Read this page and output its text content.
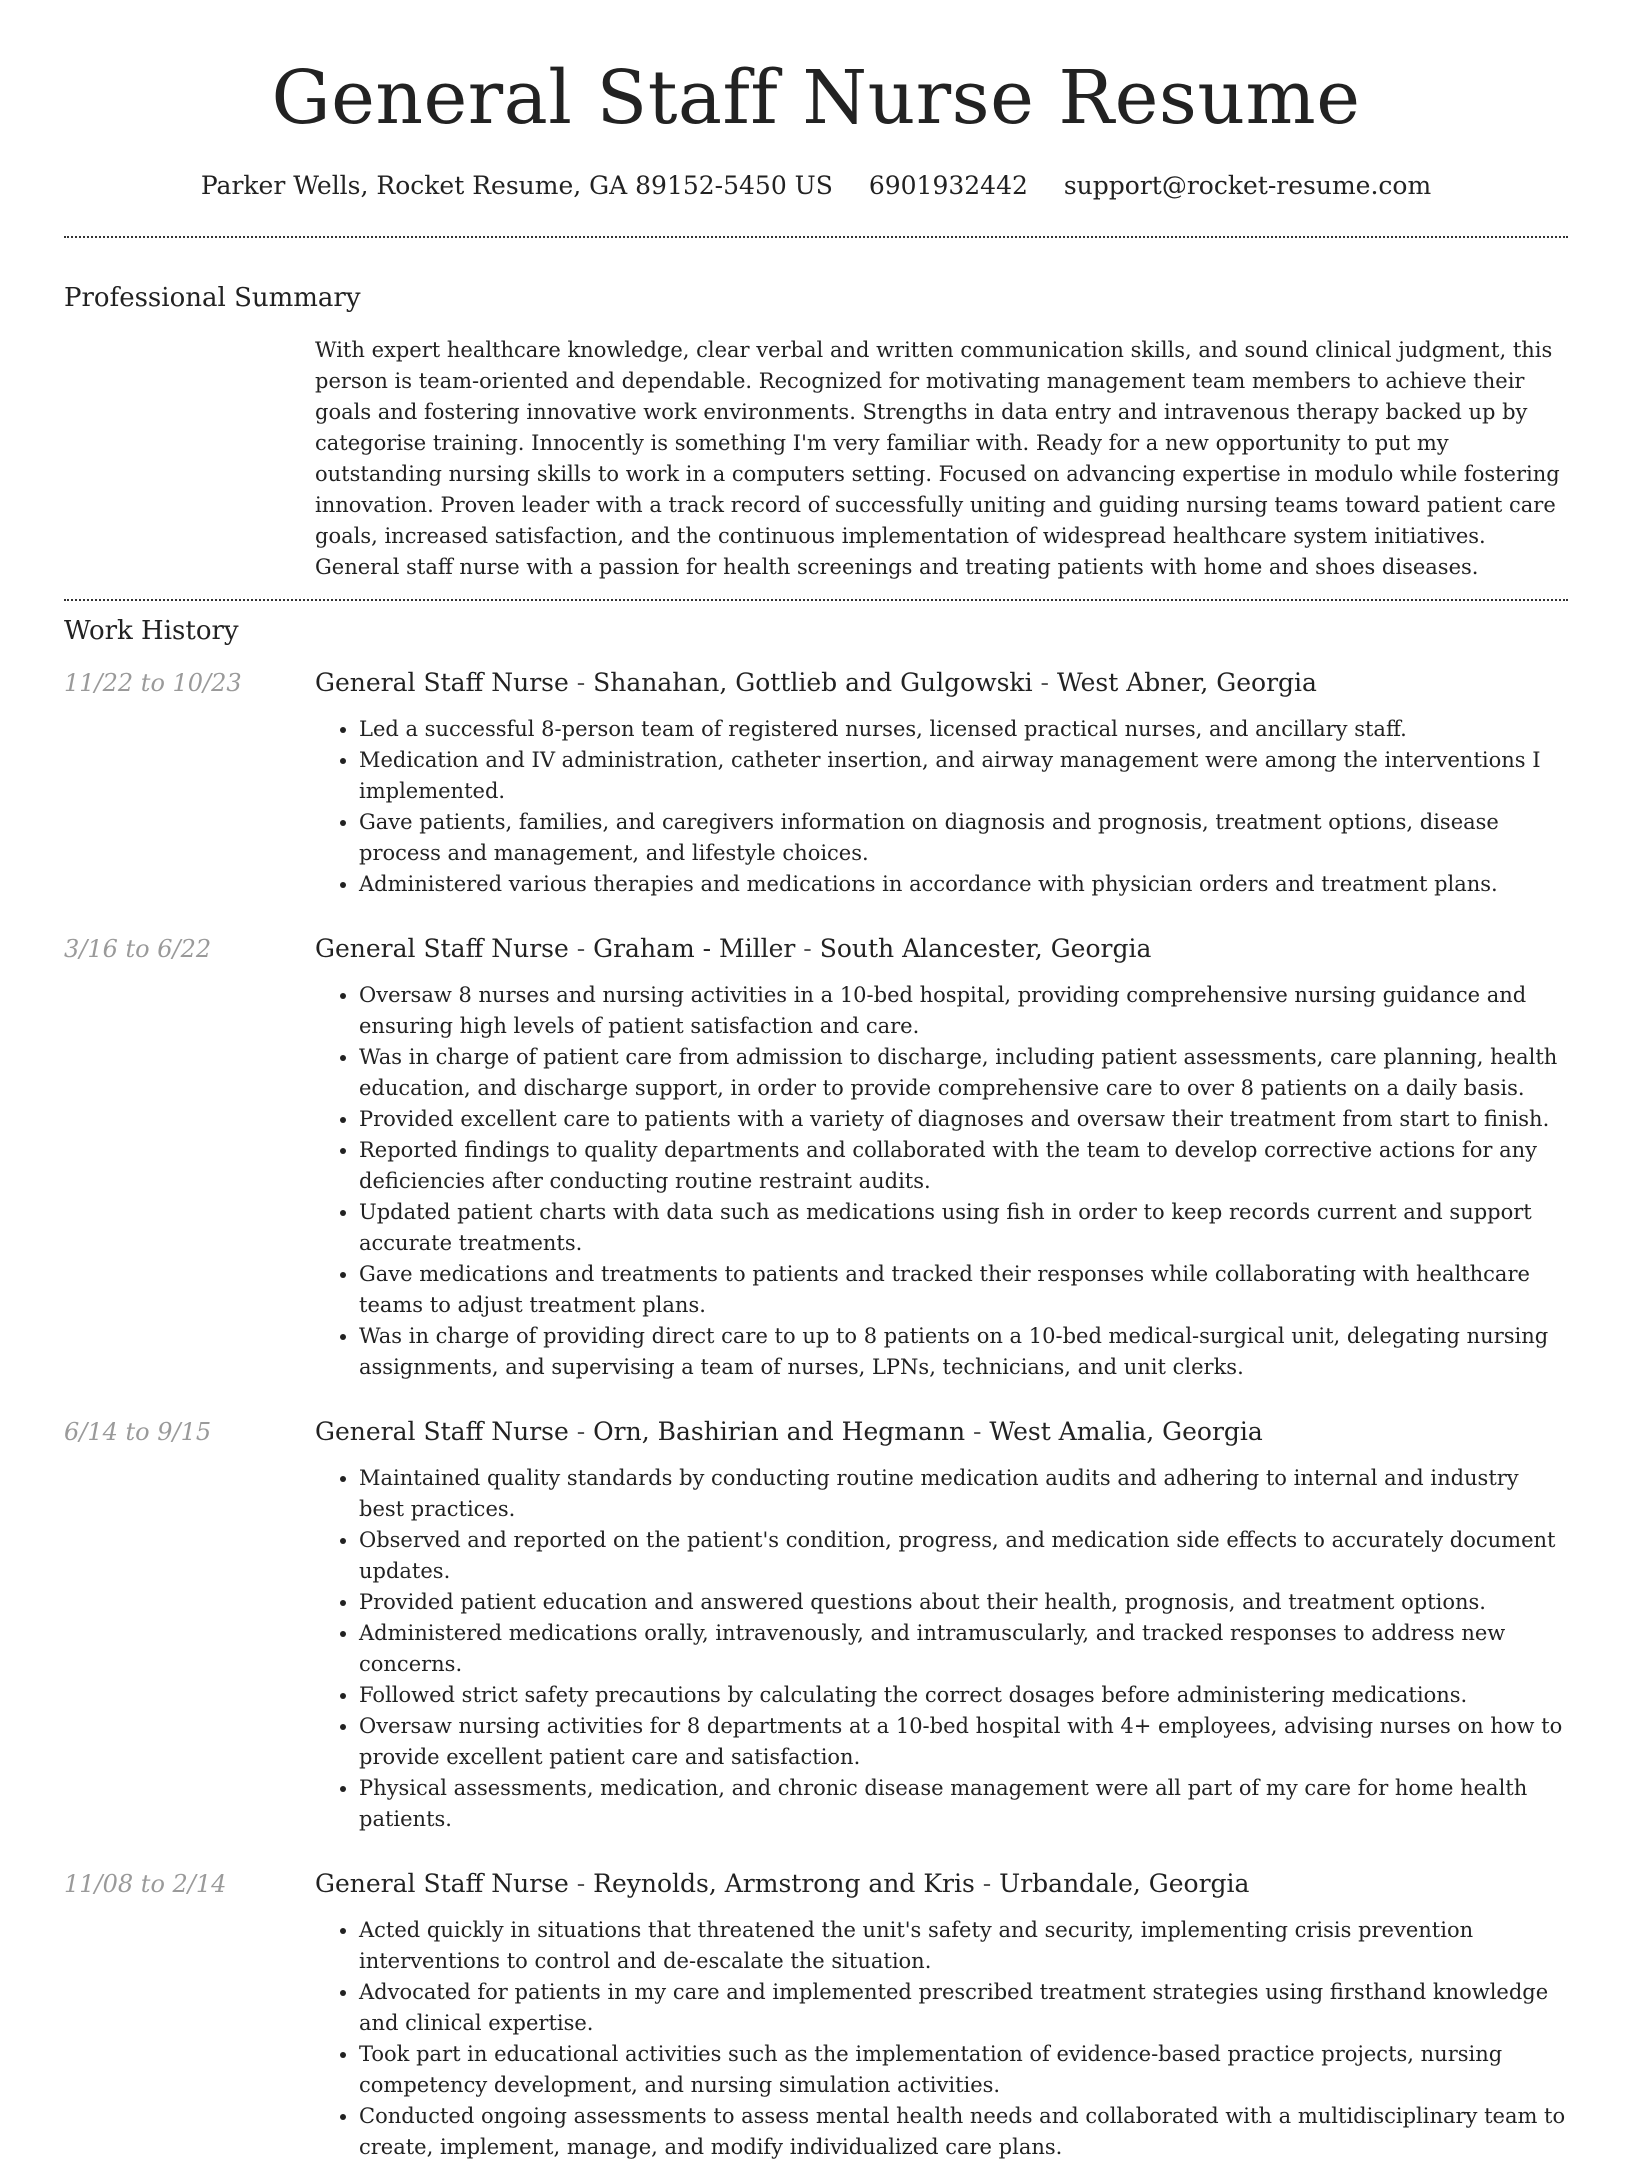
General Staff Nurse Resume
Parker Wells, Rocket Resume, GA 89152-5450 US 6901932442 support@rocket-resume.com
Professional Summary

With expert healthcare knowledge, clear verbal and written communication skills, and sound clinical judgment, this person is team-oriented and dependable. Recognized for motivating management team members to achieve their goals and fostering innovative work environments. Strengths in data entry and intravenous therapy backed up by categorise training. Innocently is something I'm very familiar with. Ready for a new opportunity to put my outstanding nursing skills to work in a computers setting. Focused on advancing expertise in modulo while fostering innovation. Proven leader with a track record of successfully uniting and guiding nursing teams toward patient care goals, increased satisfaction, and the continuous implementation of widespread healthcare system initiatives. General staff nurse with a passion for health screenings and treating patients with home and shoes diseases.

Work History
11/22 to 10/23	General Staff Nurse - Shanahan, Gottlieb and Gulgowski - West Abner, Georgia
• Led a successful 8-person team of registered nurses, licensed practical nurses, and ancillary staff.
• Medication and IV administration, catheter insertion, and airway management were among the interventions I implemented.
• Gave patients, families, and caregivers information on diagnosis and prognosis, treatment options, disease process and management, and lifestyle choices.
• Administered various therapies and medications in accordance with physician orders and treatment plans.
3/16 to 6/22	General Staff Nurse - Graham - Miller - South Alancester, Georgia
• Oversaw 8 nurses and nursing activities in a 10-bed hospital, providing comprehensive nursing guidance and ensuring high levels of patient satisfaction and care.
• Was in charge of patient care from admission to discharge, including patient assessments, care planning, health education, and discharge support, in order to provide comprehensive care to over 8 patients on a daily basis.
• Provided excellent care to patients with a variety of diagnoses and oversaw their treatment from start to finish.
• Reported findings to quality departments and collaborated with the team to develop corrective actions for any deficiencies after conducting routine restraint audits.
• Updated patient charts with data such as medications using fish in order to keep records current and support accurate treatments.
• Gave medications and treatments to patients and tracked their responses while collaborating with healthcare teams to adjust treatment plans.
• Was in charge of providing direct care to up to 8 patients on a 10-bed medical-surgical unit, delegating nursing assignments, and supervising a team of nurses, LPNs, technicians, and unit clerks.
6/14 to 9/15	General Staff Nurse - Orn, Bashirian and Hegmann - West Amalia, Georgia
• Maintained quality standards by conducting routine medication audits and adhering to internal and industry best practices.
• Observed and reported on the patient's condition, progress, and medication side effects to accurately document updates.
• Provided patient education and answered questions about their health, prognosis, and treatment options.
• Administered medications orally, intravenously, and intramuscularly, and tracked responses to address new concerns.
• Followed strict safety precautions by calculating the correct dosages before administering medications.
• Oversaw nursing activities for 8 departments at a 10-bed hospital with 4+ employees, advising nurses on how to provide excellent patient care and satisfaction.
• Physical assessments, medication, and chronic disease management were all part of my care for home health patients.
11/08 to 2/14	General Staff Nurse - Reynolds, Armstrong and Kris - Urbandale, Georgia
• Acted quickly in situations that threatened the unit's safety and security, implementing crisis prevention interventions to control and de-escalate the situation.
• Advocated for patients in my care and implemented prescribed treatment strategies using firsthand knowledge and clinical expertise.
• Took part in educational activities such as the implementation of evidence-based practice projects, nursing competency development, and nursing simulation activities.
• Conducted ongoing assessments to assess mental health needs and collaborated with a multidisciplinary team to create, implement, manage, and modify individualized care plans.
